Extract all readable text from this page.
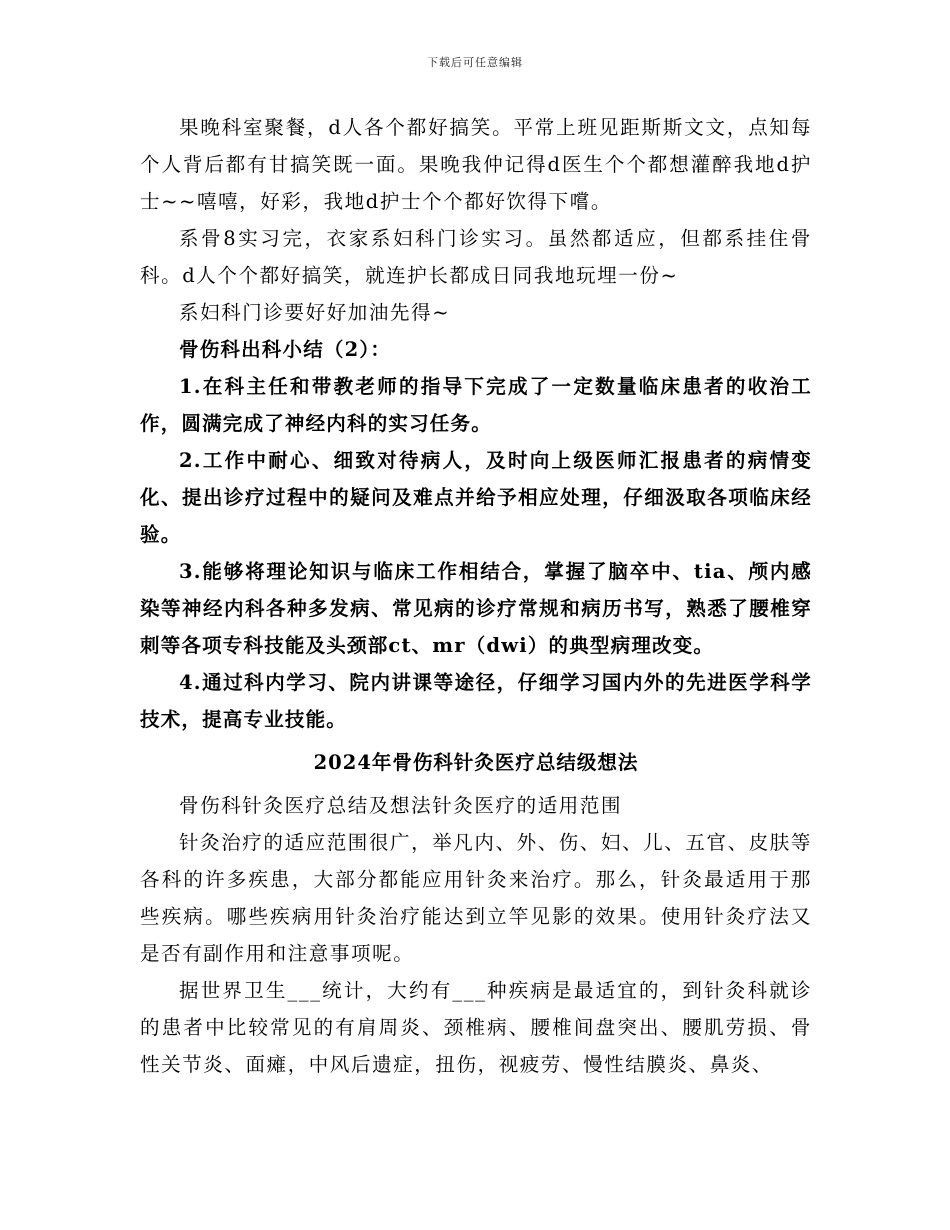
下载后可任意编辑

果晚科室聚餐，d人各个都好搞笑。平常上班见距斯斯文文，点知每个人背后都有甘搞笑既一面。果晚我仲记得d医生个个都想灌醉我地d护士~~嘻嘻，好彩，我地d护士个个都好饮得下嚐。

系骨8实习完，衣家系妇科门诊实习。虽然都适应，但都系挂住骨科。d人个个都好搞笑，就连护长都成日同我地玩埋一份~

系妇科门诊要好好加油先得~

骨伤科出科小结（2）：

1.在科主任和带教老师的指导下完成了一定数量临床患者的收治工作，圆满完成了神经内科的实习任务。

2.工作中耐心、细致对待病人，及时向上级医师汇报患者的病情变化、提出诊疗过程中的疑问及难点并给予相应处理，仔细汲取各项临床经验。

3.能够将理论知识与临床工作相结合，掌握了脑卒中、tia、颅内感染等神经内科各种多发病、常见病的诊疗常规和病历书写，熟悉了腰椎穿刺等各项专科技能及头颈部ct、mr（dwi）的典型病理改变。

4.通过科内学习、院内讲课等途径，仔细学习国内外的先进医学科学技术，提高专业技能。

2024年骨伤科针灸医疗总结级想法

骨伤科针灸医疗总结及想法针灸医疗的适用范围

针灸治疗的适应范围很广，举凡内、外、伤、妇、儿、五官、皮肤等各科的许多疾患，大部分都能应用针灸来治疗。那么，针灸最适用于那些疾病。哪些疾病用针灸治疗能达到立竿见影的效果。使用针灸疗法又是否有副作用和注意事项呢。

据世界卫生___统计，大约有___种疾病是最适宜的，到针灸科就诊的患者中比较常见的有肩周炎、颈椎病、腰椎间盘突出、腰肌劳损、骨性关节炎、面瘫，中风后遗症，扭伤，视疲劳、慢性结膜炎、鼻炎、
